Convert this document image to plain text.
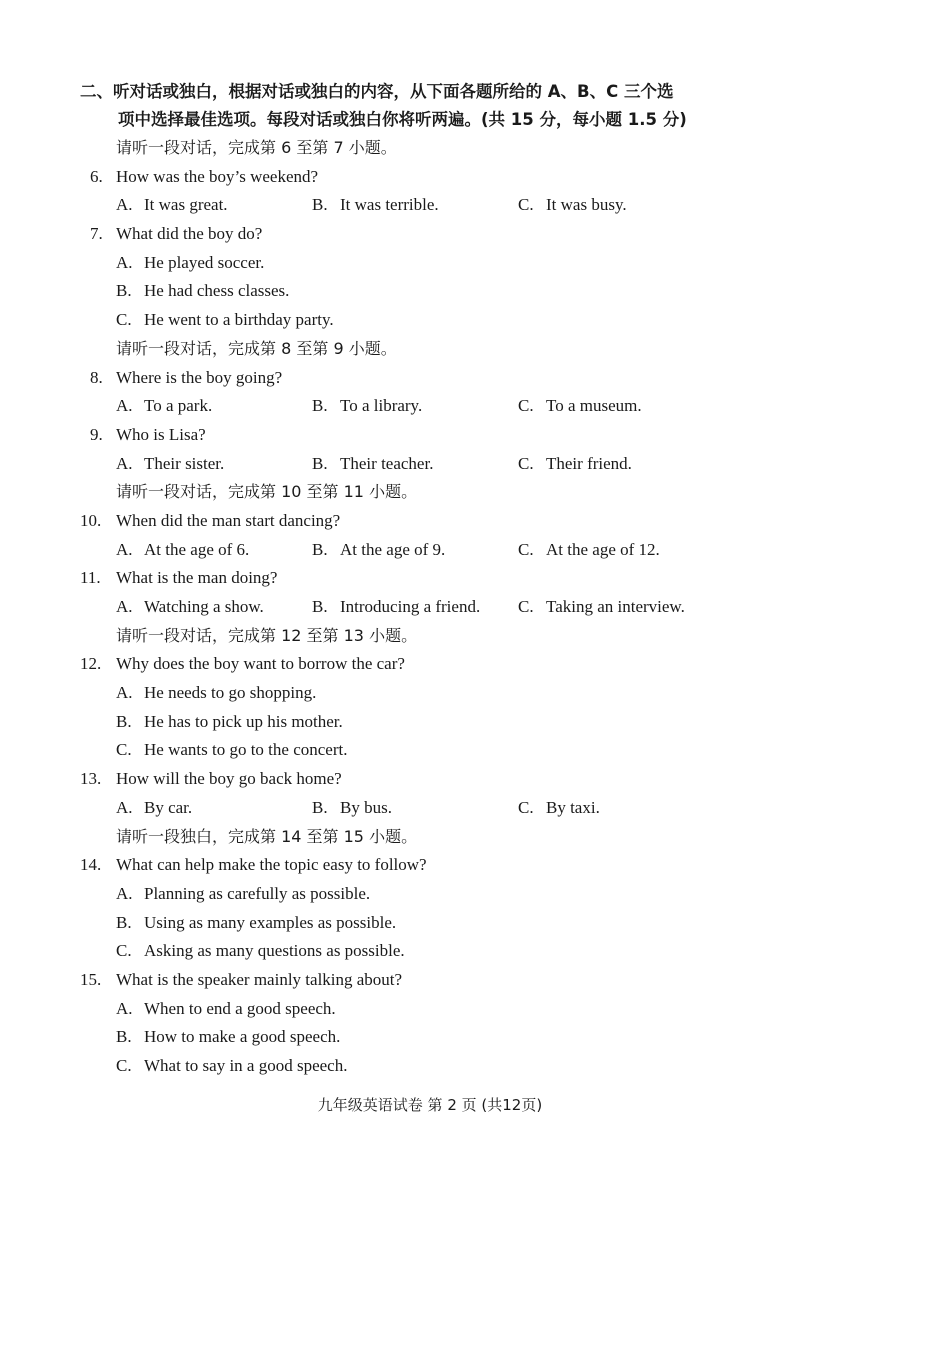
二、听对话或独白，根据对话或独白的内容，从下面各题所给的 A、B、C 三个选
项中选择最佳选项。每段对话或独白你将听两遍。(共 15 分，每小题 1.5 分)
请听一段对话，完成第 6 至第 7 小题。
6. How was the boy’s weekend?
A. It was great.	B. It was terrible.	C. It was busy.
7. What did the boy do?
A. He played soccer.
B. He had chess classes.
C. He went to a birthday party.
请听一段对话，完成第 8 至第 9 小题。
8. Where is the boy going?
A. To a park.	B. To a library.	C. To a museum.
9. Who is Lisa?
A. Their sister.	B. Their teacher.	C. Their friend.
请听一段对话，完成第 10 至第 11 小题。
10. When did the man start dancing?
A. At the age of 6.	B. At the age of 9.	C. At the age of 12.
11. What is the man doing?
A. Watching a show.	B. Introducing a friend. C. Taking an interview.
请听一段对话，完成第 12 至第 13 小题。
12. Why does the boy want to borrow the car?
A. He needs to go shopping.
B. He has to pick up his mother.
C. He wants to go to the concert.
13. How will the boy go back home?
A. By car.	B. By bus.	C. By taxi.
请听一段独白，完成第 14 至第 15 小题。
14. What can help make the topic easy to follow?
A. Planning as carefully as possible.
B. Using as many examples as possible.
C. Asking as many questions as possible.
15. What is the speaker mainly talking about?
A. When to end a good speech.
B. How to make a good speech.
C. What to say in a good speech.
九年级英语试卷 第 2 页 (共12页)
